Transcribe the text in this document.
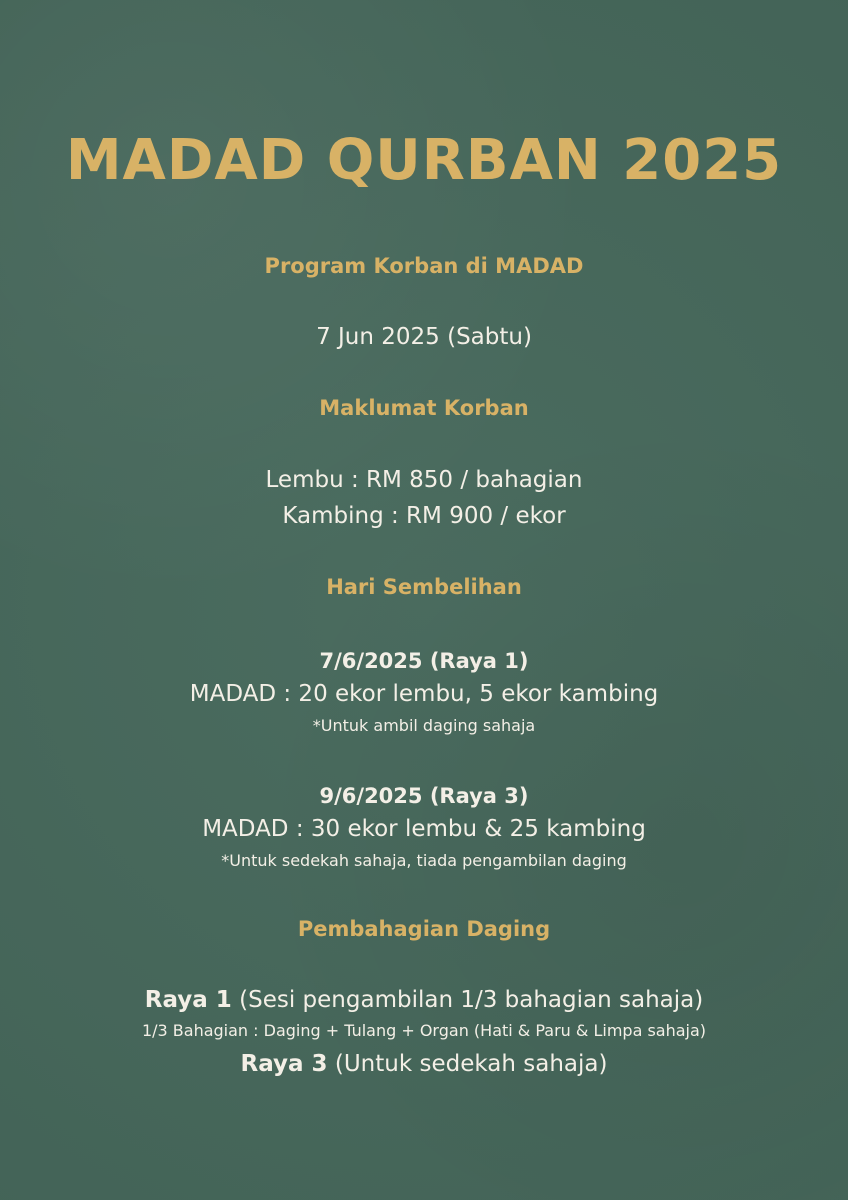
MADAD QURBAN 2025
Program Korban di MADAD
7 Jun 2025 (Sabtu)
Maklumat Korban
Lembu : RM 850 / bahagian
Kambing : RM 900 / ekor
Hari Sembelihan
7/6/2025 (Raya 1)
MADAD : 20 ekor lembu, 5 ekor kambing
*Untuk ambil daging sahaja
9/6/2025 (Raya 3)
MADAD : 30 ekor lembu & 25 kambing
*Untuk sedekah sahaja, tiada pengambilan daging
Pembahagian Daging
Raya 1 (Sesi pengambilan 1/3 bahagian sahaja)
1/3 Bahagian : Daging + Tulang + Organ (Hati & Paru & Limpa sahaja)
Raya 3 (Untuk sedekah sahaja)
